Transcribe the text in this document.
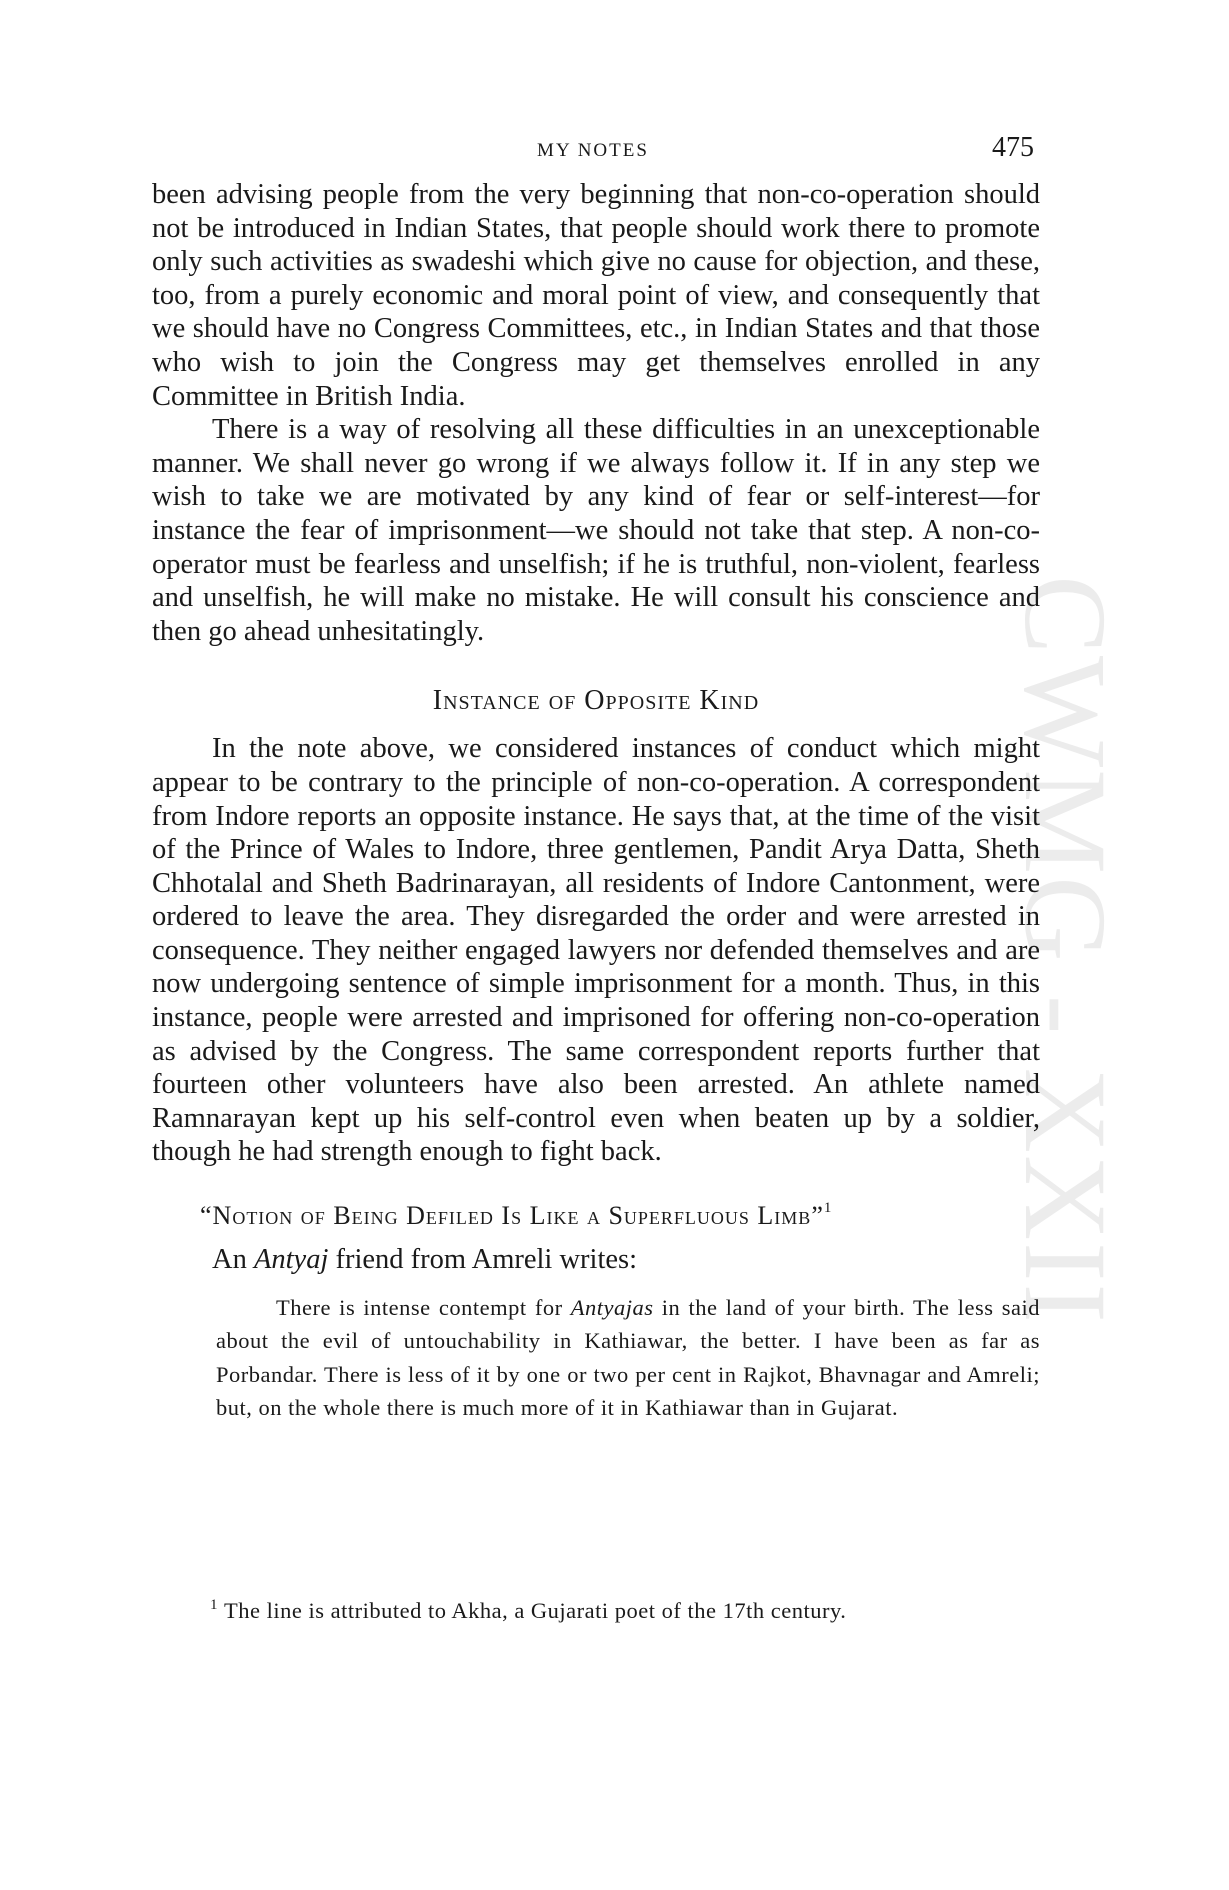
CWMG - XXII
MY NOTES	475

been advising people from the very beginning that non-co-operation should not be introduced in Indian States, that people should work there to promote only such activities as swadeshi which give no cause for objection, and these, too, from a purely economic and moral point of view, and consequently that we should have no Congress Committees, etc., in Indian States and that those who wish to join the Congress may get themselves enrolled in any Committee in British India.

There is a way of resolving all these difficulties in an unexceptionable manner. We shall never go wrong if we always follow it. If in any step we wish to take we are motivated by any kind of fear or self-interest—for instance the fear of imprisonment—we should not take that step. A non-co-operator must be fearless and unselfish; if he is truthful, non-violent, fearless and unselfish, he will make no mistake. He will consult his conscience and then go ahead unhesitatingly.

Instance of Opposite Kind

In the note above, we considered instances of conduct which might appear to be contrary to the principle of non-co-operation. A correspondent from Indore reports an opposite instance. He says that, at the time of the visit of the Prince of Wales to Indore, three gentlemen, Pandit Arya Datta, Sheth Chhotalal and Sheth Badrinarayan, all residents of Indore Cantonment, were ordered to leave the area. They disregarded the order and were arrested in consequence. They neither engaged lawyers nor defended themselves and are now undergoing sentence of simple imprisonment for a month. Thus, in this instance, people were arrested and imprisoned for offering non-co-operation as advised by the Congress. The same correspondent reports further that fourteen other volunteers have also been arrested. An athlete named Ramnarayan kept up his self-control even when beaten up by a soldier, though he had strength enough to fight back.

“Notion of Being Defiled Is Like a Superfluous Limb”$^1$

An Antyaj friend from Amreli writes:

There is intense contempt for Antyajas in the land of your birth. The less said about the evil of untouchability in Kathiawar, the better. I have been as far as Porbandar. There is less of it by one or two per cent in Rajkot, Bhavnagar and Amreli; but, on the whole there is much more of it in Kathiawar than in Gujarat.

$^1$ The line is attributed to Akha, a Gujarati poet of the 17th century.
